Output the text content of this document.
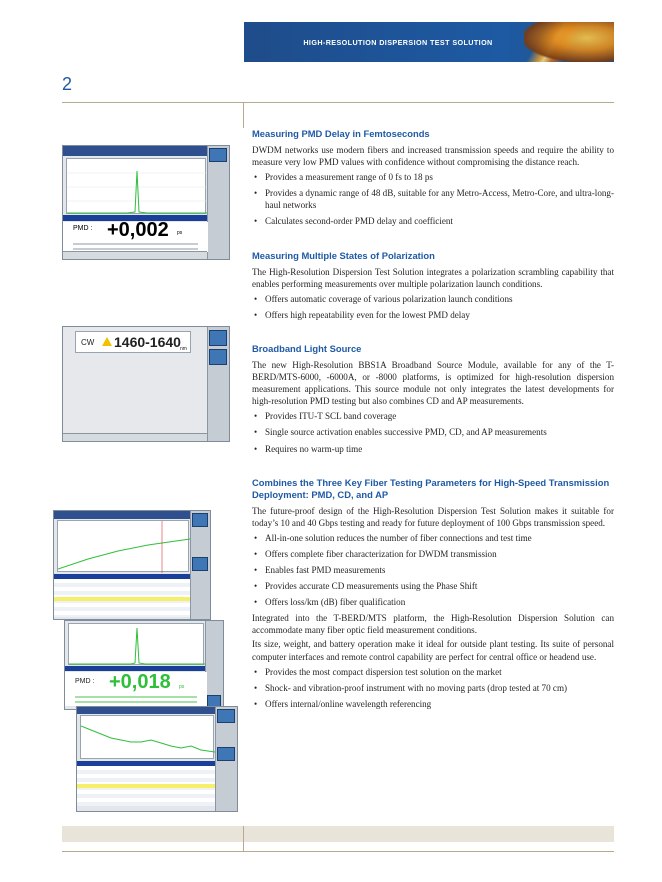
HIGH-RESOLUTION DISPERSION TEST SOLUTION
2
PMD : +0,002 ps
CW 1460-1640 nm
PMD : +0,018 ps
Measuring PMD Delay in Femtoseconds
DWDM networks use modern fibers and increased transmission speeds and require the ability to measure very low PMD values with confidence without compromising the distance reach.
• Provides a measurement range of 0 fs to 18 ps
• Provides a dynamic range of 48 dB, suitable for any Metro-Access, Metro-Core, and ultra-long-haul networks
• Calculates second-order PMD delay and coefficient
Measuring Multiple States of Polarization
The High-Resolution Dispersion Test Solution integrates a polarization scrambling capability that enables performing measurements over multiple polarization launch conditions.
• Offers automatic coverage of various polarization launch conditions
• Offers high repeatability even for the lowest PMD delay
Broadband Light Source
The new High-Resolution BBS1A Broadband Source Module, available for any of the T-BERD/MTS-6000, -6000A, or -8000 platforms, is optimized for high-resolution dispersion measurement applications. This source module not only integrates the latest developments for high-resolution PMD testing but also combines CD and AP measurements.
• Provides ITU-T SCL band coverage
• Single source activation enables successive PMD, CD, and AP measurements
• Requires no warm-up time
Combines the Three Key Fiber Testing Parameters for High-Speed Transmission Deployment: PMD, CD, and AP
The future-proof design of the High-Resolution Dispersion Test Solution makes it suitable for today’s 10 and 40 Gbps testing and ready for future deployment of 100 Gbps transmission speed.
• All-in-one solution reduces the number of fiber connections and test time
• Offers complete fiber characterization for DWDM transmission
• Enables fast PMD measurements
• Provides accurate CD measurements using the Phase Shift
• Offers loss/km (dB) fiber qualification
Integrated into the T-BERD/MTS platform, the High-Resolution Dispersion Solution can accommodate many fiber optic field measurement conditions.
Its size, weight, and battery operation make it ideal for outside plant testing. Its suite of personal computer interfaces and remote control capability are perfect for central office or headend use.
• Provides the most compact dispersion test solution on the market
• Shock- and vibration-proof instrument with no moving parts (drop tested at 70 cm)
• Offers internal/online wavelength referencing
